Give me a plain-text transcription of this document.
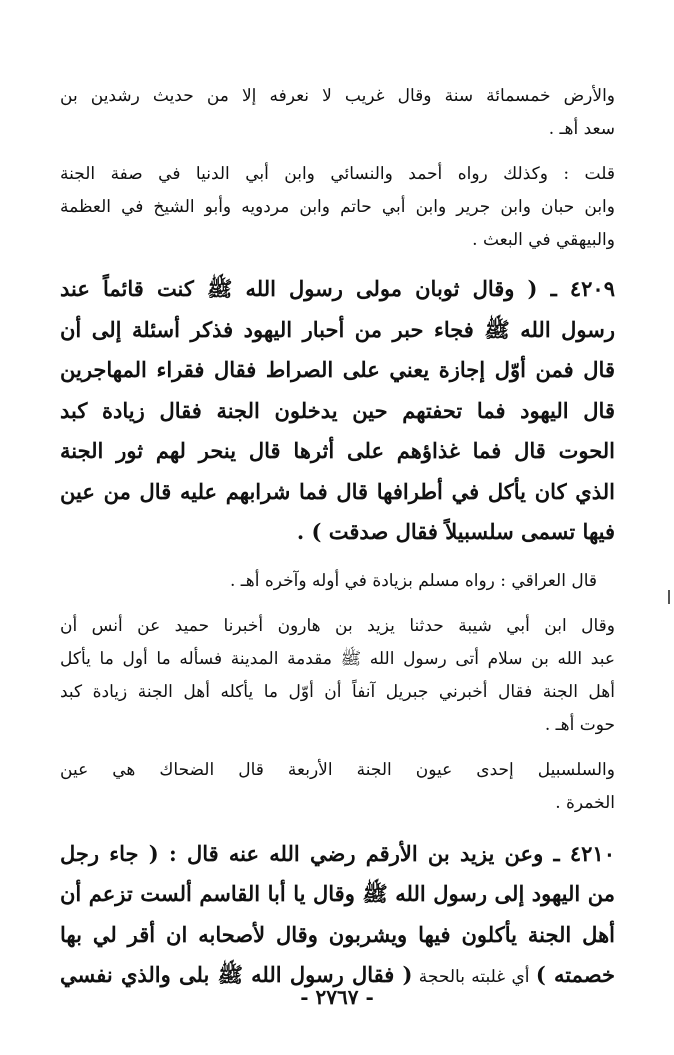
والأرض خمسمائة سنة وقال غريب لا نعرفه إلا من حديث رشدين بن
سعد أهـ .
قلت : وكذلك رواه أحمد والنسائي وابن أبي الدنيا في صفة الجنة
وابن حبان وابن جرير وابن أبي حاتم وابن مردويه وأبو الشيخ في العظمة
والبيهقي في البعث .
٤٢٠٩ ـ ( وقال ثوبان مولى رسول الله ﷺ كنت قائماً عند
رسول الله ﷺ فجاء حبر من أحبار اليهود فذكر أسئلة إلى أن
قال فمن أوّل إجازة يعني على الصراط فقال فقراء المهاجرين
قال اليهود فما تحفتهم حين يدخلون الجنة فقال زيادة كبد
الحوت قال فما غذاؤهم على أثرها قال ينحر لهم ثور الجنة
الذي كان يأكل في أطرافها قال فما شرابهم عليه قال من عين
فيها تسمى سلسبيلاً فقال صدقت ) .
قال العراقي : رواه مسلم بزيادة في أوله وآخره أهـ .
وقال ابن أبي شيبة حدثنا يزيد بن هارون أخبرنا حميد عن أنس أن
عبد الله بن سلام أتى رسول الله ﷺ مقدمة المدينة فسأله ما أول ما يأكل
أهل الجنة فقال أخبرني جبريل آنفاً أن أوّل ما يأكله أهل الجنة زيادة كبد
حوت أهـ .
والسلسبيل إحدى عيون الجنة الأربعة قال الضحاك هي عين
الخمرة .
٤٢١٠ ـ وعن يزيد بن الأرقم رضي الله عنه قال : ( جاء رجل
من اليهود إلى رسول الله ﷺ وقال يا أبا القاسم ألست تزعم أن
أهل الجنة يأكلون فيها ويشربون وقال لأصحابه ان أقر لي بها
خصمته ) أي غلبته بالحجة ( فقال رسول الله ﷺ بلى والذي نفسي
- ٢٧٦٧ -
